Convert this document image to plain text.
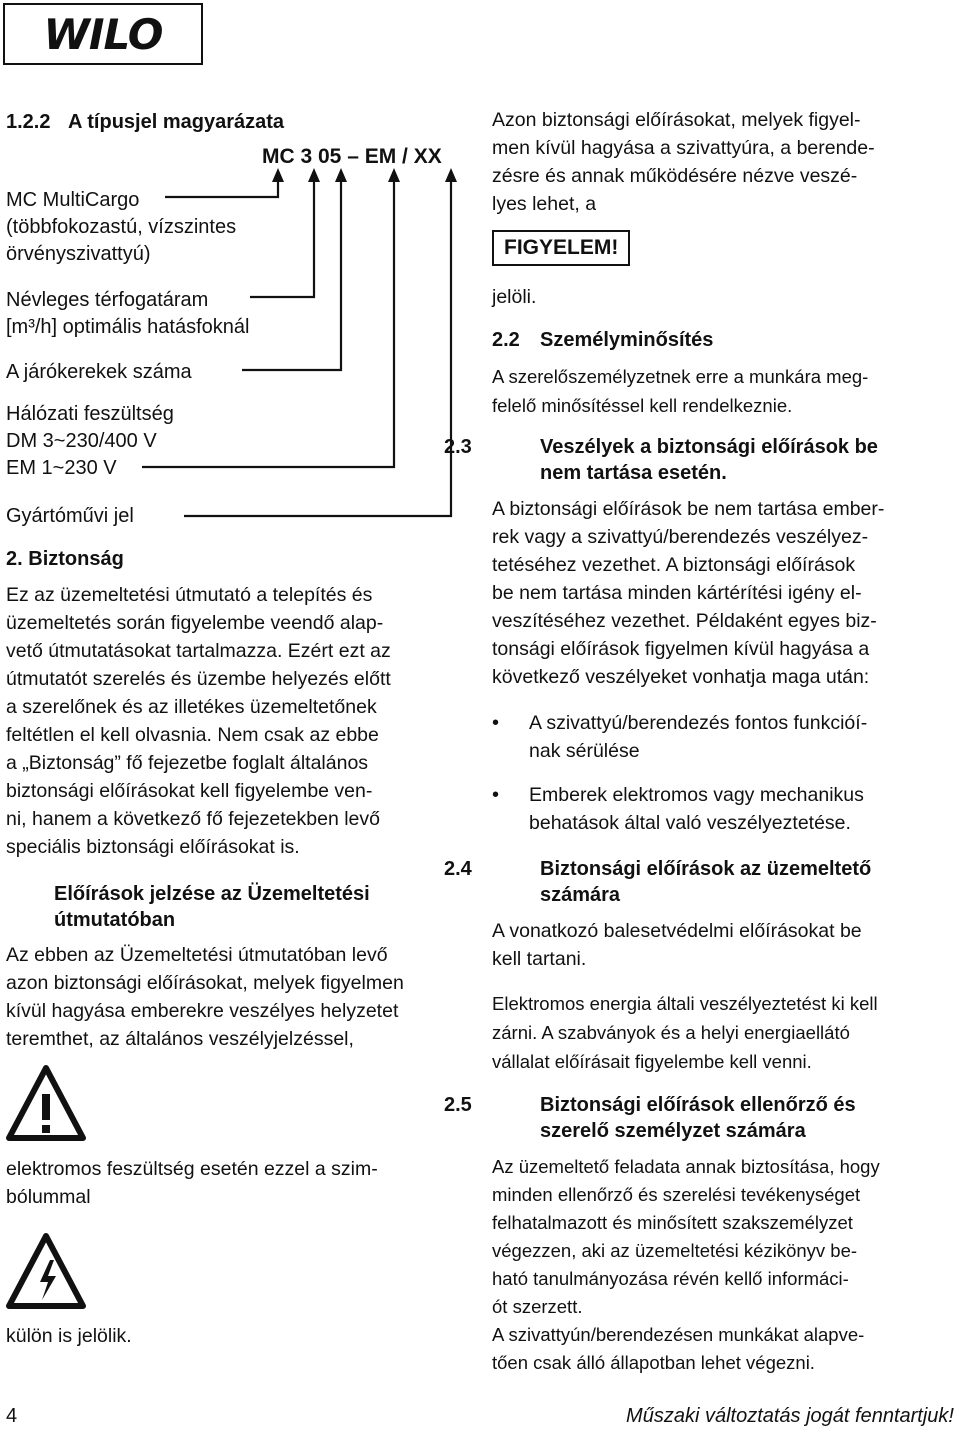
WILO
1.2.2 A típusjel magyarázata
MC 3 05 – EM / XX
MC MultiCargo
(többfokozastú, vízszintes
örvényszivattyú)
Névleges térfogatáram
[m³/h] optimális hatásfoknál
A járókerekek száma
Hálózati feszültség
DM 3~230/400 V
EM 1~230 V
Gyártóművi jel
2. Biztonság
Ez az üzemeltetési útmutató a telepítés és
üzemeltetés során figyelembe veendő alap-
vető útmutatásokat tartalmazza. Ezért ezt az
útmutatót szerelés és üzembe helyezés előtt
a szerelőnek és az illetékes üzemeltetőnek
feltétlen el kell olvasnia. Nem csak az ebbe
a „Biztonság” fő fejezetbe foglalt általános
biztonsági előírásokat kell figyelembe ven-
ni, hanem a következő fő fejezetekben levő
speciális biztonsági előírásokat is.
Előírások jelzése az Üzemeltetési
útmutatóban
Az ebben az Üzemeltetési útmutatóban levő
azon biztonsági előírásokat, melyek figyelmen
kívül hagyása emberekre veszélyes helyzetet
teremthet, az általános veszélyjelzéssel,
elektromos feszültség esetén ezzel a szim-
bólummal
külön is jelölik.
Azon biztonsági előírásokat, melyek figyel-
men kívül hagyása a szivattyúra, a berende-
zésre és annak működésére nézve veszé-
lyes lehet, a
FIGYELEM!
jelöli.
2.2 Személyminősítés
A szerelőszemélyzetnek erre a munkára meg-
felelő minősítéssel kell rendelkeznie.
2.3	Veszélyek a biztonsági előírások be
nem tartása esetén.
A biztonsági előírások be nem tartása ember-
rek vagy a szivattyú/berendezés veszélyez-
tetéséhez vezethet. A biztonsági előírások
be nem tartása minden kártérítési igény el-
veszítéséhez vezethet. Példaként egyes biz-
tonsági előírások figyelmen kívül hagyása a
következő veszélyeket vonhatja maga után:
• A szivattyú/berendezés fontos funkcióí-
nak sérülése
• Emberek elektromos vagy mechanikus
behatások által való veszélyeztetése.
2.4	Biztonsági előírások az üzemeltető
számára
A vonatkozó balesetvédelmi előírásokat be
kell tartani.
Elektromos energia általi veszélyeztetést ki kell
zárni. A szabványok és a helyi energiaellátó
vállalat előírásait figyelembe kell venni.
2.5	Biztonsági előírások ellenőrző és
szerelő személyzet számára
Az üzemeltető feladata annak biztosítása, hogy
minden ellenőrző és szerelési tevékenységet
felhatalmazott és minősített szakszemélyzet
végezzen, aki az üzemeltetési kézikönyv be-
ható tanulmányozása révén kellő informáci-
ót szerzett.
A szivattyún/berendezésen munkákat alapve-
tően csak álló állapotban lehet végezni.
4	Műszaki változtatás jogát fenntartjuk!
